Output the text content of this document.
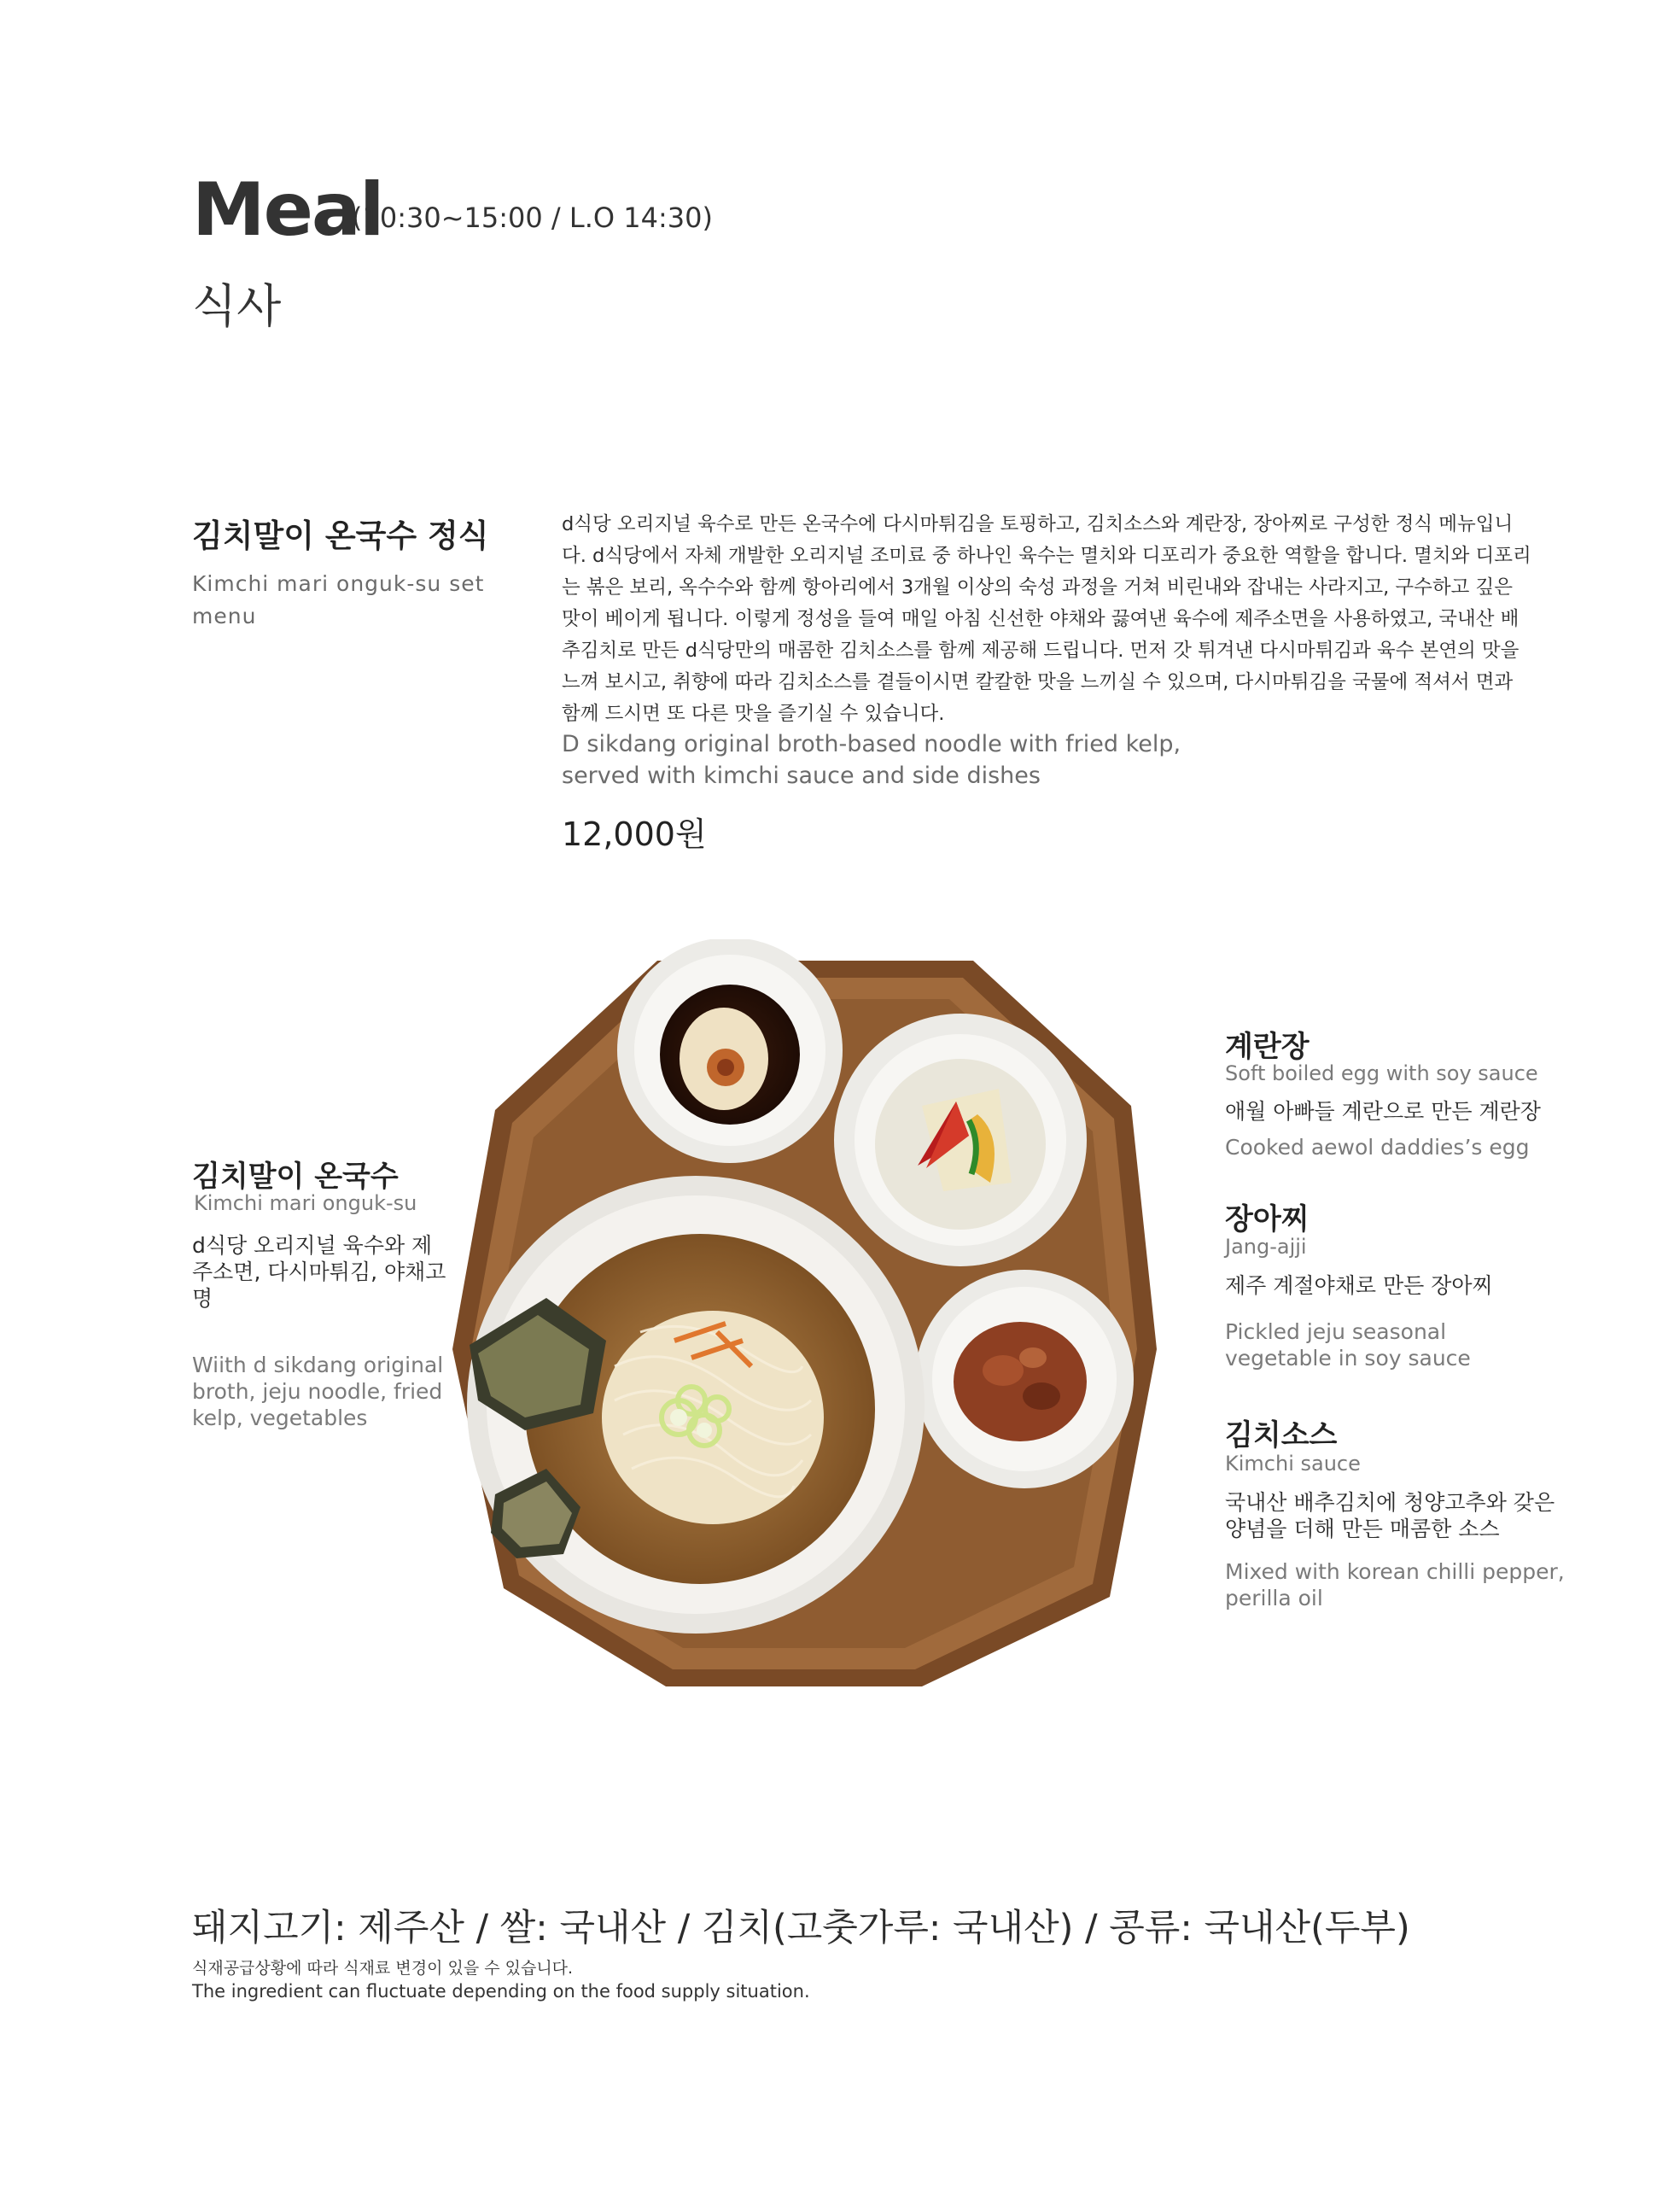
Meal
(10:30~15:00 / L.O 14:30)
식사
김치말이 온국수 정식
Kimchi mari onguk-su set menu
d식당 오리지널 육수로 만든 온국수에 다시마튀김을 토핑하고, 김치소스와 계란장, 장아찌로 구성한 정식 메뉴입니다. d식당에서 자체 개발한 오리지널 조미료 중 하나인 육수는 멸치와 디포리가 중요한 역할을 합니다. 멸치와 디포리는 볶은 보리, 옥수수와 함께 항아리에서 3개월 이상의 숙성 과정을 거쳐 비린내와 잡내는 사라지고, 구수하고 깊은 맛이 베이게 됩니다. 이렇게 정성을 들여 매일 아침 신선한 야채와 끓여낸 육수에 제주소면을 사용하였고, 국내산 배추김치로 만든 d식당만의 매콤한 김치소스를 함께 제공해 드립니다. 먼저 갓 튀겨낸 다시마튀김과 육수 본연의 맛을 느껴 보시고, 취향에 따라 김치소스를 곁들이시면 칼칼한 맛을 느끼실 수 있으며, 다시마튀김을 국물에 적셔서 면과 함께 드시면 또 다른 맛을 즐기실 수 있습니다.
D sikdang original broth-based noodle with fried kelp, served with kimchi sauce and side dishes
12,000원
김치말이 온국수
Kimchi mari onguk-su
d식당 오리지널 육수와 제주소면, 다시마튀김, 야채고명
Wiith d sikdang original broth, jeju noodle, fried kelp, vegetables
계란장
Soft boiled egg with soy sauce
애월 아빠들 계란으로 만든 계란장
Cooked aewol daddies’s egg
장아찌
Jang-ajji
제주 계절야채로 만든 장아찌
Pickled jeju seasonal vegetable in soy sauce
김치소스
Kimchi sauce
국내산 배추김치에 청양고추와 갖은 양념을 더해 만든 매콤한 소스
Mixed with korean chilli pepper, perilla oil
돼지고기: 제주산 / 쌀: 국내산 / 김치(고춧가루: 국내산) / 콩류: 국내산(두부)
식재공급상황에 따라 식재료 변경이 있을 수 있습니다.
The ingredient can fluctuate depending on the food supply situation.
